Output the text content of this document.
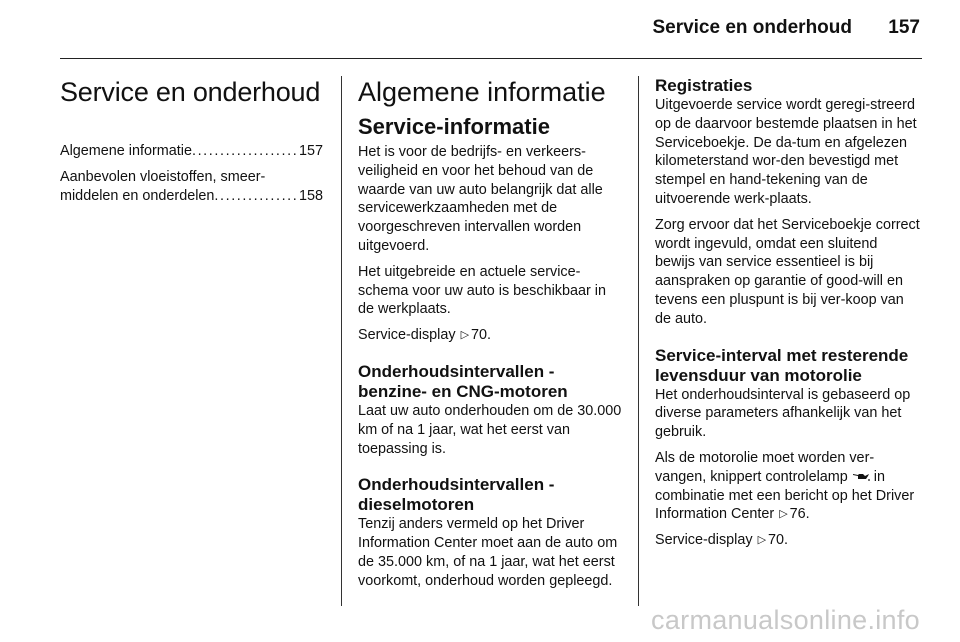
Service en onderhoud 157
Service en onderhoud
Algemene informatie . . .	157
Aanbevolen vloeistoffen, smeer-
middelen en onderdelen . . .	158
Algemene informatie
Service-informatie

Het is voor de bedrijfs- en verkeers-veiligheid en voor het behoud van de waarde van uw auto belangrijk dat alle servicewerkzaamheden met de voorgeschreven intervallen worden uitgevoerd.

Het uitgebreide en actuele service-schema voor uw auto is beschikbaar in de werkplaats.

Service-display ▷ 70.

Onderhoudsintervallen - benzine- en CNG-motoren

Laat uw auto onderhouden om de 30.000 km of na 1 jaar, wat het eerst van toepassing is.

Onderhoudsintervallen - dieselmotoren

Tenzij anders vermeld op het Driver Information Center moet aan de auto om de 35.000 km, of na 1 jaar, wat het eerst voorkomt, onderhoud worden gepleegd.

Registraties

Uitgevoerde service wordt geregi-streerd op de daarvoor bestemde plaatsen in het Serviceboekje. De da-tum en afgelezen kilometerstand wor-den bevestigd met stempel en hand-tekening van de uitvoerende werk-plaats.

Zorg ervoor dat het Serviceboekje correct wordt ingevuld, omdat een sluitend bewijs van service essentieel is bij aanspraken op garantie of good-will en tevens een pluspunt is bij ver-koop van de auto.

Service-interval met resterende levensduur van motorolie

Het onderhoudsinterval is gebaseerd op diverse parameters afhankelijk van het gebruik.

Als de motorolie moet worden ver-vangen, knippert controlelamp in combinatie met een bericht op het Driver Information Center ▷ 76.

Service-display ▷ 70.

carmanualsonline.info
